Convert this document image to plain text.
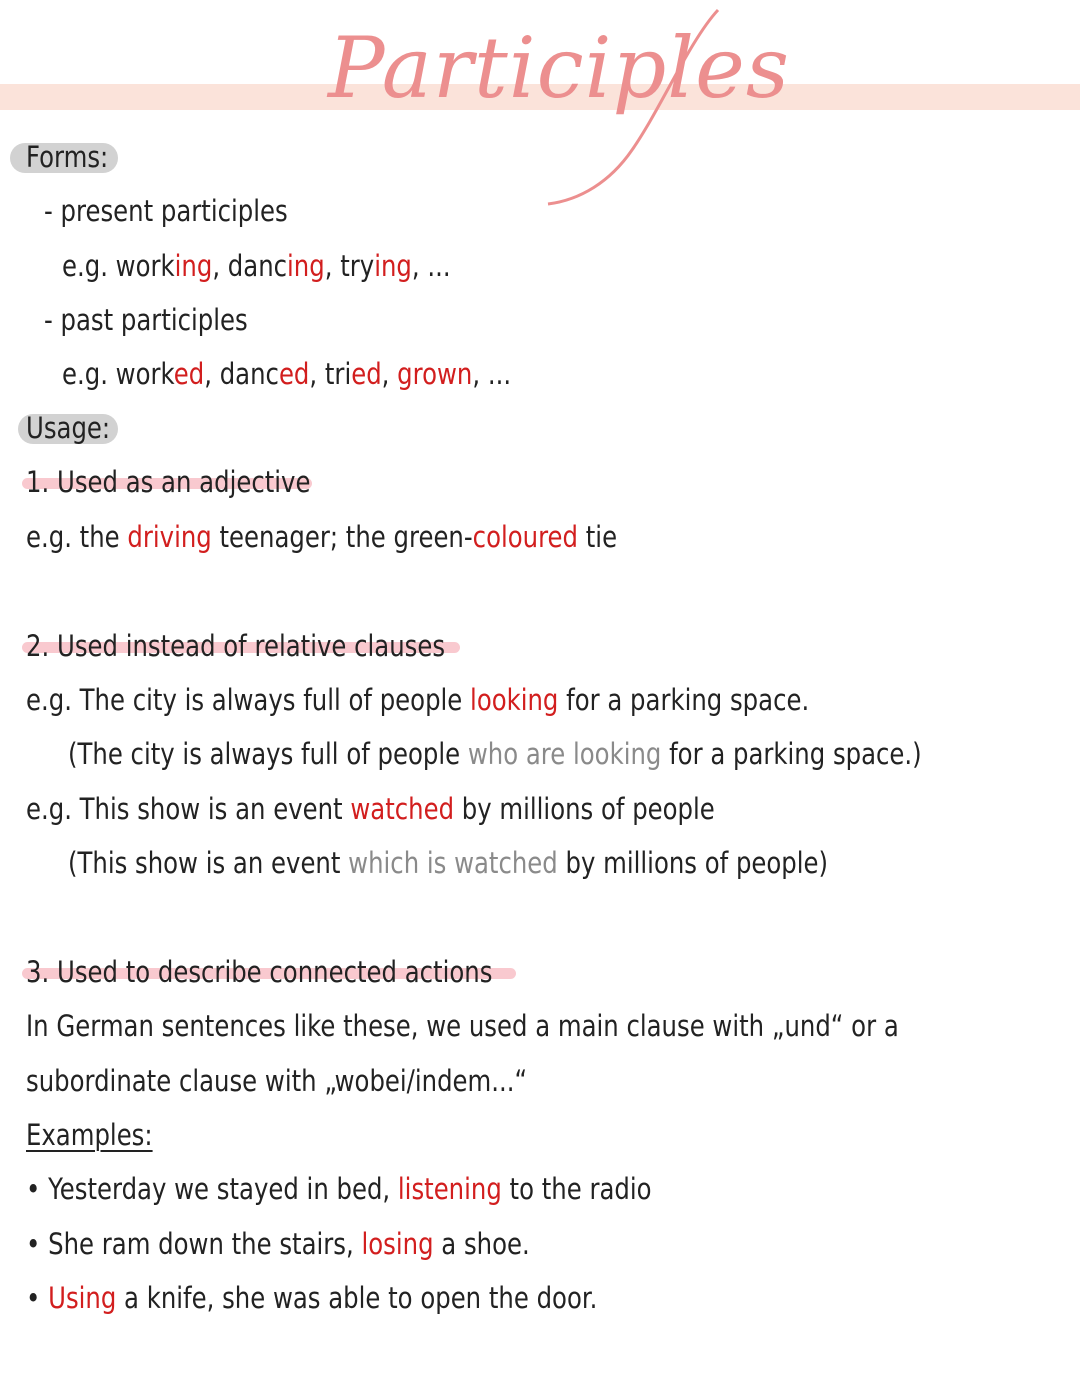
Participles
Forms:
- present participles
e.g. working, dancing, trying, ...
- past participles
e.g. worked, danced, tried, grown, ...
Usage:
1. Used as an adjective
e.g. the driving teenager; the green-coloured tie
2. Used instead of relative clauses
e.g. The city is always full of people looking for a parking space.
(The city is always full of people who are looking for a parking space.)
e.g. This show is an event watched by millions of people
(This show is an event which is watched by millions of people)
3. Used to describe connected actions
In German sentences like these, we used a main clause with „und“ or a
subordinate clause with „wobei/indem...“
Examples:
• Yesterday we stayed in bed, listening to the radio
• She ram down the stairs, losing a shoe.
• Using a knife, she was able to open the door.
